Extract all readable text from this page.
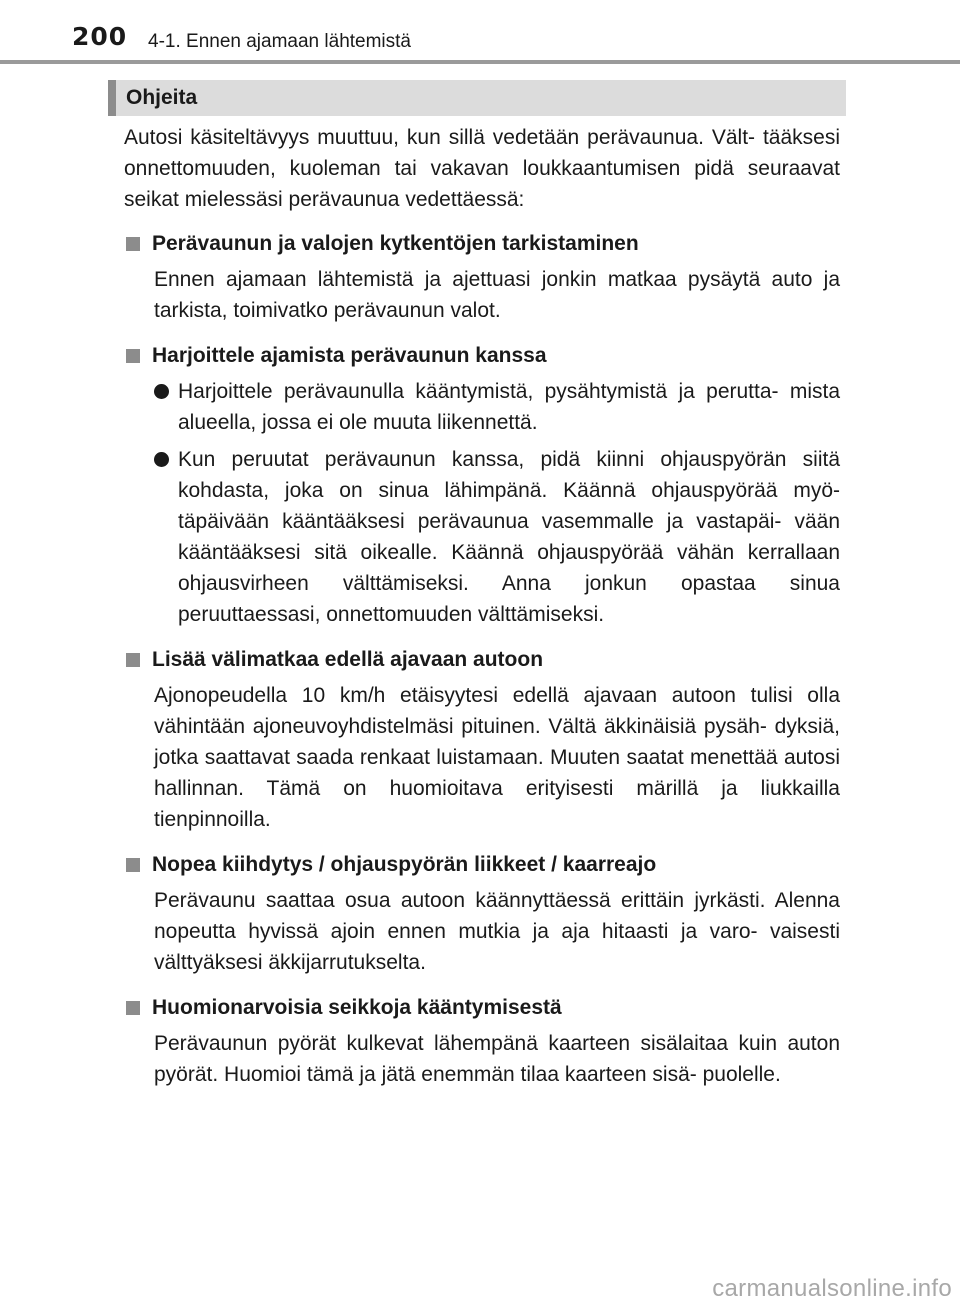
200 4-1. Ennen ajamaan lähtemistä
Ohjeita

Autosi käsiteltävyys muuttuu, kun sillä vedetään perävaunua. Vält- tääksesi onnettomuuden, kuoleman tai vakavan loukkaantumisen pidä seuraavat seikat mielessäsi perävaunua vedettäessä:

Perävaunun ja valojen kytkentöjen tarkistaminen

Ennen ajamaan lähtemistä ja ajettuasi jonkin matkaa pysäytä auto ja tarkista, toimivatko perävaunun valot.

Harjoittele ajamista perävaunun kanssa

Harjoittele perävaunulla kääntymistä, pysähtymistä ja perutta- mista alueella, jossa ei ole muuta liikennettä.

Kun peruutat perävaunun kanssa, pidä kiinni ohjauspyörän siitä kohdasta, joka on sinua lähimpänä. Käännä ohjauspyörää myö- täpäivään kääntääksesi perävaunua vasemmalle ja vastapäi- vään kääntääksesi sitä oikealle. Käännä ohjauspyörää vähän kerrallaan ohjausvirheen välttämiseksi. Anna jonkun opastaa sinua peruuttaessasi, onnettomuuden välttämiseksi.

Lisää välimatkaa edellä ajavaan autoon

Ajonopeudella 10 km/h etäisyytesi edellä ajavaan autoon tulisi olla vähintään ajoneuvoyhdistelmäsi pituinen. Vältä äkkinäisiä pysäh- dyksiä, jotka saattavat saada renkaat luistamaan. Muuten saatat menettää autosi hallinnan. Tämä on huomioitava erityisesti märillä ja liukkailla tienpinnoilla.

Nopea kiihdytys / ohjauspyörän liikkeet / kaarreajo

Perävaunu saattaa osua autoon käännyttäessä erittäin jyrkästi. Alenna nopeutta hyvissä ajoin ennen mutkia ja aja hitaasti ja varo- vaisesti välttyäksesi äkkijarrutukselta.

Huomionarvoisia seikkoja kääntymisestä

Perävaunun pyörät kulkevat lähempänä kaarteen sisälaitaa kuin auton pyörät. Huomioi tämä ja jätä enemmän tilaa kaarteen sisä- puolelle.

carmanualsonline.info
